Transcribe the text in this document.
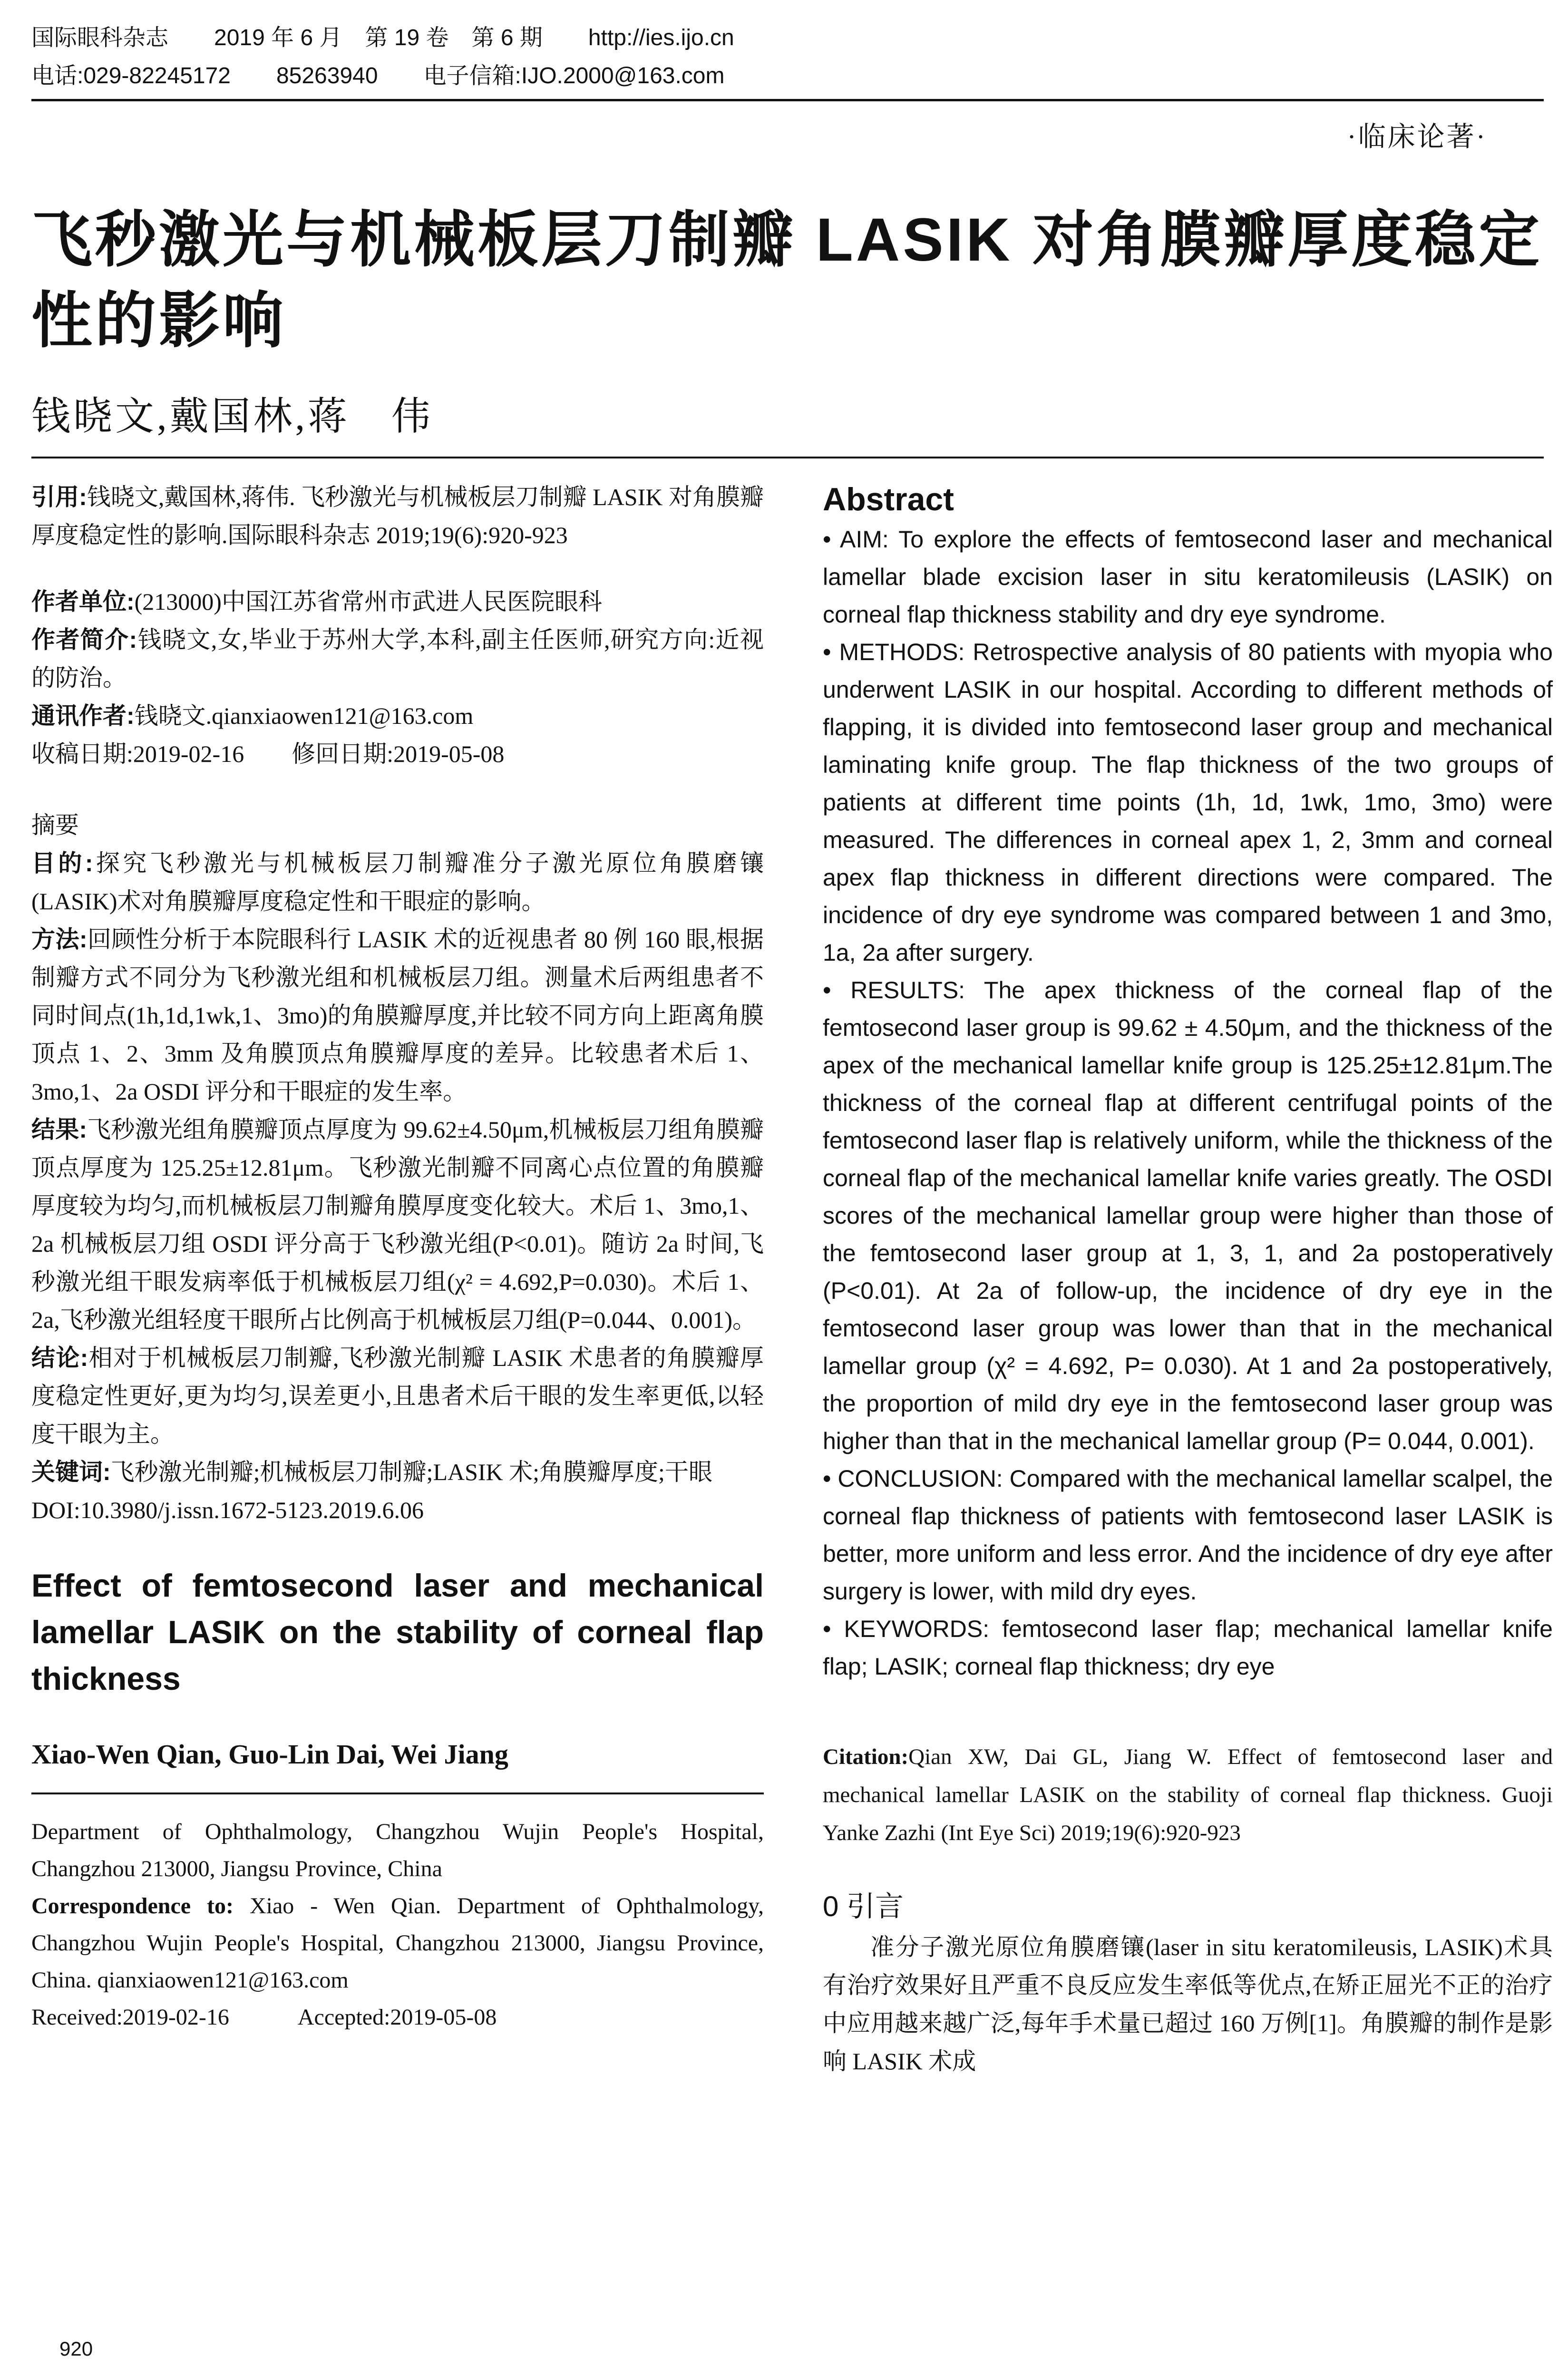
国际眼科杂志　　2019 年 6 月　第 19 卷　第 6 期　　http://ies.ijo.cn
电话:029-82245172　　85263940　　电子信箱:IJO.2000@163.com
·临床论著·
飞秒激光与机械板层刀制瓣 LASIK 对角膜瓣厚度稳定性的影响
钱晓文,戴国林,蒋　伟
引用:钱晓文,戴国林,蒋伟. 飞秒激光与机械板层刀制瓣 LASIK 对角膜瓣厚度稳定性的影响.国际眼科杂志 2019;19(6):920-923
作者单位:(213000)中国江苏省常州市武进人民医院眼科
作者简介:钱晓文,女,毕业于苏州大学,本科,副主任医师,研究方向:近视的防治。
通讯作者:钱晓文.qianxiaowen121@163.com
收稿日期:2019-02-16　　修回日期:2019-05-08
摘要
目的:探究飞秒激光与机械板层刀制瓣准分子激光原位角膜磨镶(LASIK)术对角膜瓣厚度稳定性和干眼症的影响。
方法:回顾性分析于本院眼科行 LASIK 术的近视患者 80 例 160 眼,根据制瓣方式不同分为飞秒激光组和机械板层刀组。测量术后两组患者不同时间点(1h,1d,1wk,1、3mo)的角膜瓣厚度,并比较不同方向上距离角膜顶点 1、2、3mm 及角膜顶点角膜瓣厚度的差异。比较患者术后 1、3mo,1、2a OSDI 评分和干眼症的发生率。
结果:飞秒激光组角膜瓣顶点厚度为 99.62±4.50μm,机械板层刀组角膜瓣顶点厚度为 125.25±12.81μm。飞秒激光制瓣不同离心点位置的角膜瓣厚度较为均匀,而机械板层刀制瓣角膜厚度变化较大。术后 1、3mo,1、2a 机械板层刀组 OSDI 评分高于飞秒激光组(P<0.01)。随访 2a 时间,飞秒激光组干眼发病率低于机械板层刀组(χ² = 4.692,P=0.030)。术后 1、2a,飞秒激光组轻度干眼所占比例高于机械板层刀组(P=0.044、0.001)。
结论:相对于机械板层刀制瓣,飞秒激光制瓣 LASIK 术患者的角膜瓣厚度稳定性更好,更为均匀,误差更小,且患者术后干眼的发生率更低,以轻度干眼为主。
关键词:飞秒激光制瓣;机械板层刀制瓣;LASIK 术;角膜瓣厚度;干眼
DOI:10.3980/j.issn.1672-5123.2019.6.06
Effect of femtosecond laser and mechanical lamellar LASIK on the stability of corneal flap thickness
Xiao-Wen Qian, Guo-Lin Dai, Wei Jiang
Department of Ophthalmology, Changzhou Wujin People's Hospital, Changzhou 213000, Jiangsu Province, China
Correspondence to: Xiao - Wen Qian. Department of Ophthalmology, Changzhou Wujin People's Hospital, Changzhou 213000, Jiangsu Province, China. qianxiaowen121@163.com
Received:2019-02-16　　　Accepted:2019-05-08
Abstract
• AIM: To explore the effects of femtosecond laser and mechanical lamellar blade excision laser in situ keratomileusis (LASIK) on corneal flap thickness stability and dry eye syndrome.
• METHODS: Retrospective analysis of 80 patients with myopia who underwent LASIK in our hospital. According to different methods of flapping, it is divided into femtosecond laser group and mechanical laminating knife group. The flap thickness of the two groups of patients at different time points (1h, 1d, 1wk, 1mo, 3mo) were measured. The differences in corneal apex 1, 2, 3mm and corneal apex flap thickness in different directions were compared. The incidence of dry eye syndrome was compared between 1 and 3mo, 1a, 2a after surgery.
• RESULTS: The apex thickness of the corneal flap of the femtosecond laser group is 99.62 ± 4.50μm, and the thickness of the apex of the mechanical lamellar knife group is 125.25±12.81μm.The thickness of the corneal flap at different centrifugal points of the femtosecond laser flap is relatively uniform, while the thickness of the corneal flap of the mechanical lamellar knife varies greatly. The OSDI scores of the mechanical lamellar group were higher than those of the femtosecond laser group at 1, 3, 1, and 2a postoperatively (P<0.01). At 2a of follow-up, the incidence of dry eye in the femtosecond laser group was lower than that in the mechanical lamellar group (χ² = 4.692, P= 0.030). At 1 and 2a postoperatively, the proportion of mild dry eye in the femtosecond laser group was higher than that in the mechanical lamellar group (P= 0.044, 0.001).
• CONCLUSION: Compared with the mechanical lamellar scalpel, the corneal flap thickness of patients with femtosecond laser LASIK is better, more uniform and less error. And the incidence of dry eye after surgery is lower, with mild dry eyes.
• KEYWORDS: femtosecond laser flap; mechanical lamellar knife flap; LASIK; corneal flap thickness; dry eye
Citation:Qian XW, Dai GL, Jiang W. Effect of femtosecond laser and mechanical lamellar LASIK on the stability of corneal flap thickness. Guoji Yanke Zazhi (Int Eye Sci) 2019;19(6):920-923
0 引言
准分子激光原位角膜磨镶(laser in situ keratomileusis, LASIK)术具有治疗效果好且严重不良反应发生率低等优点,在矫正屈光不正的治疗中应用越来越广泛,每年手术量已超过 160 万例[1]。角膜瓣的制作是影响 LASIK 术成
920
